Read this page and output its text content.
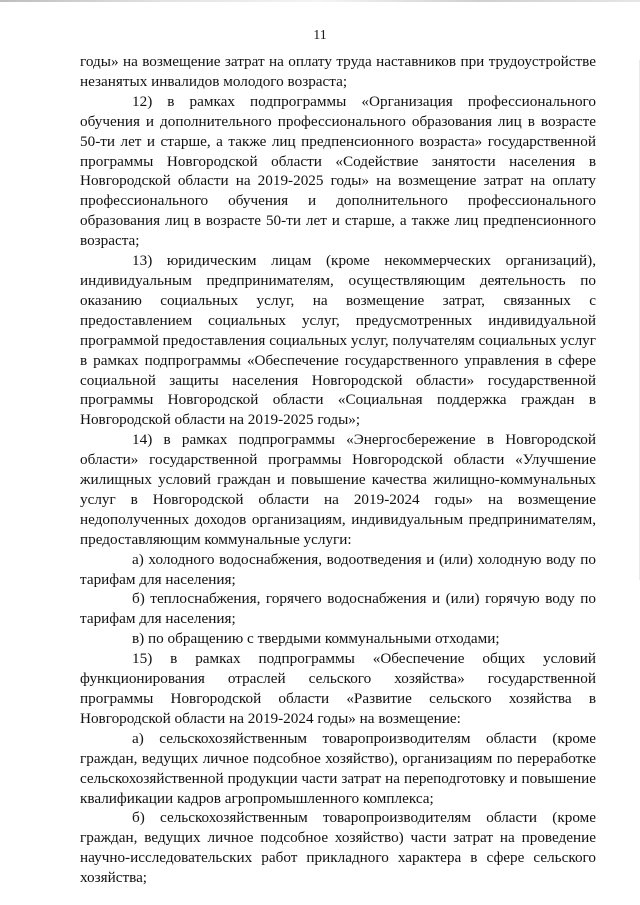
11

годы» на возмещение затрат на оплату труда наставников при трудоустройстве незанятых инвалидов молодого возраста;

12) в рамках подпрограммы «Организация профессионального обучения и дополнительного профессионального образования лиц в возрасте 50-ти лет и старше, а также лиц предпенсионного возраста» государственной программы Новгородской области «Содействие занятости населения в Новгородской области на 2019-2025 годы» на возмещение затрат на оплату профессионального обучения и дополнительного профессионального образования лиц в возрасте 50-ти лет и старше, а также лиц предпенсионного возраста;

13) юридическим лицам (кроме некоммерческих организаций), индивидуальным предпринимателям, осуществляющим деятельность по оказанию социальных услуг, на возмещение затрат, связанных с предоставлением социальных услуг, предусмотренных индивидуальной программой предоставления социальных услуг, получателям социальных услуг в рамках подпрограммы «Обеспечение государственного управления в сфере социальной защиты населения Новгородской области» государственной программы Новгородской области «Социальная поддержка граждан в Новгородской области на 2019-2025 годы»;

14) в рамках подпрограммы «Энергосбережение в Новгородской области» государственной программы Новгородской области «Улучшение жилищных условий граждан и повышение качества жилищно-коммунальных услуг в Новгородской области на 2019-2024 годы» на возмещение недополученных доходов организациям, индивидуальным предпринимателям, предоставляющим коммунальные услуги:

а) холодного водоснабжения, водоотведения и (или) холодную воду по тарифам для населения;

б) теплоснабжения, горячего водоснабжения и (или) горячую воду по тарифам для населения;

в) по обращению с твердыми коммунальными отходами;

15) в рамках подпрограммы «Обеспечение общих условий функционирования отраслей сельского хозяйства» государственной программы Новгородской области «Развитие сельского хозяйства в Новгородской области на 2019-2024 годы» на возмещение:

а) сельскохозяйственным товаропроизводителям области (кроме граждан, ведущих личное подсобное хозяйство), организациям по переработке сельскохозяйственной продукции части затрат на переподготовку и повышение квалификации кадров агропромышленного комплекса;

б) сельскохозяйственным товаропроизводителям области (кроме граждан, ведущих личное подсобное хозяйство) части затрат на проведение научно-исследовательских работ прикладного характера в сфере сельского хозяйства;
